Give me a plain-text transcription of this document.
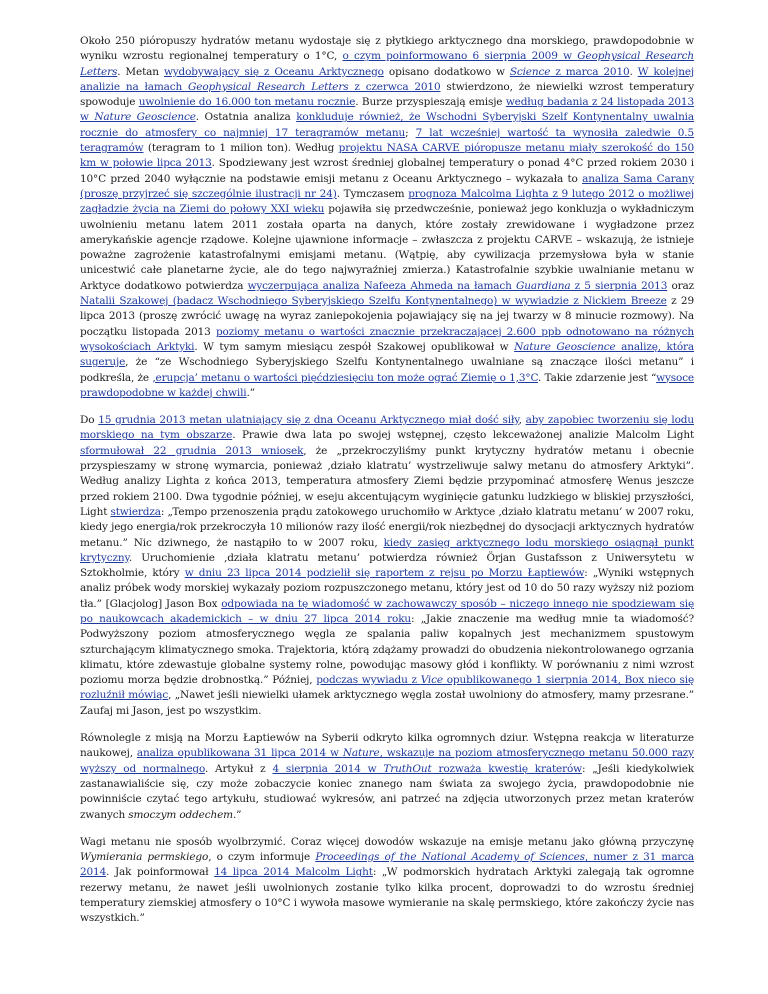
Około 250 pióropuszy hydratów metanu wydostaje się z płytkiego arktycznego dna morskiego, prawdopodobnie w wyniku wzrostu regionalnej temperatury o 1°C, o czym poinformowano 6 sierpnia 2009 w Geophysical Research Letters. Metan wydobywający się z Oceanu Arktycznego opisano dodatkowo w Science z marca 2010. W kolejnej analizie na łamach Geophysical Research Letters z czerwca 2010 stwierdzono, że niewielki wzrost temperatury spowoduje uwolnienie do 16.000 ton metanu rocznie. Burze przyspieszają emisje według badania z 24 listopada 2013 w Nature Geoscience. Ostatnia analiza konkluduje również, że Wschodni Syberyjski Szelf Kontynentalny uwalnia rocznie do atmosfery co najmniej 17 teragramów metanu; 7 lat wcześniej wartość ta wynosiła zaledwie 0.5 teragramów (teragram to 1 milion ton). Według projektu NASA CARVE pióropusze metanu miały szerokość do 150 km w połowie lipca 2013. Spodziewany jest wzrost średniej globalnej temperatury o ponad 4°C przed rokiem 2030 i 10°C przed 2040 wyłącznie na podstawie emisji metanu z Oceanu Arktycznego – wykazała to analiza Sama Carany (proszę przyjrzeć się szczególnie ilustracji nr 24). Tymczasem prognoza Malcolma Lighta z 9 lutego 2012 o możliwej zagładzie życia na Ziemi do połowy XXI wieku pojawiła się przedwcześnie, ponieważ jego konkluzja o wykładniczym uwolnieniu metanu latem 2011 została oparta na danych, które zostały zrewidowane i wygładzone przez amerykańskie agencje rządowe. Kolejne ujawnione informacje – zwłaszcza z projektu CARVE – wskazują, że istnieje poważne zagrożenie katastrofalnymi emisjami metanu. (Wątpię, aby cywilizacja przemysłowa była w stanie unicestwić całe planetarne życie, ale do tego najwyraźniej zmierza.) Katastrofalnie szybkie uwalnianie metanu w Arktyce dodatkowo potwierdza wyczerpująca analiza Nafeeza Ahmeda na łamach Guardiana z 5 sierpnia 2013 oraz Natalii Szakowej (badacz Wschodniego Syberyjskiego Szelfu Kontynentalnego) w wywiadzie z Nickiem Breeze z 29 lipca 2013 (proszę zwrócić uwagę na wyraz zaniepokojenia pojawiający się na jej twarzy w 8 minucie rozmowy). Na początku listopada 2013 poziomy metanu o wartości znacznie przekraczającej 2.600 ppb odnotowano na różnych wysokościach Arktyki. W tym samym miesiącu zespół Szakowej opublikował w Nature Geoscience analizę, która sugeruje, że “ze Wschodniego Syberyjskiego Szelfu Kontynentalnego uwalniane są znaczące ilości metanu” i podkreśla, że ‚erupcja’ metanu o wartości pięćdziesięciu ton może ograć Ziemię o 1,3°C. Takie zdarzenie jest “wysoce prawdopodobne w każdej chwili.”

Do 15 grudnia 2013 metan ulatniający się z dna Oceanu Arktycznego miał dość siły, aby zapobiec tworzeniu się lodu morskiego na tym obszarze. Prawie dwa lata po swojej wstępnej, często lekceważonej analizie Malcolm Light sformułował 22 grudnia 2013 wniosek, że „przekroczyliśmy punkt krytyczny hydratów metanu i obecnie przyspieszamy w stronę wymarcia, ponieważ ‚działo klatratu’ wystrzeliwuje salwy metanu do atmosfery Arktyki”. Według analizy Lighta z końca 2013, temperatura atmosfery Ziemi będzie przypominać atmosferę Wenus jeszcze przed rokiem 2100. Dwa tygodnie później, w eseju akcentującym wyginięcie gatunku ludzkiego w bliskiej przyszłości, Light stwierdza: „Tempo przenoszenia prądu zatokowego uruchomiło w Arktyce ‚działo klatratu metanu’ w 2007 roku, kiedy jego energia/rok przekroczyła 10 milionów razy ilość energii/rok niezbędnej do dysocjacji arktycznych hydratów metanu.” Nic dziwnego, że nastąpiło to w 2007 roku, kiedy zasięg arktycznego lodu morskiego osiągnął punkt krytyczny. Uruchomienie ‚działa klatratu metanu’ potwierdza również Örjan Gustafsson z Uniwersytetu w Sztokholmie, który w dniu 23 lipca 2014 podzielił się raportem z rejsu po Morzu Łaptiewów: „Wyniki wstępnych analiz próbek wody morskiej wykazały poziom rozpuszczonego metanu, który jest od 10 do 50 razy wyższy niż poziom tła.” [Glacjolog] Jason Box odpowiada na tę wiadomość w zachowawczy sposób – niczego innego nie spodziewam się po naukowcach akademickich – w dniu 27 lipca 2014 roku: „Jakie znaczenie ma według mnie ta wiadomość? Podwyższony poziom atmosferycznego węgla ze spalania paliw kopalnych jest mechanizmem spustowym szturchającym klimatycznego smoka. Trajektoria, którą zdążamy prowadzi do obudzenia niekontrolowanego ogrzania klimatu, które zdewastuje globalne systemy rolne, powodując masowy głód i konflikty. W porównaniu z nimi wzrost poziomu morza będzie drobnostką.” Później, podczas wywiadu z Vice opublikowanego 1 sierpnia 2014, Box nieco się rozluźnił mówiąc, „Nawet jeśli niewielki ułamek arktycznego węgla został uwolniony do atmosfery, mamy przesrane.” Zaufaj mi Jason, jest po wszystkim.

Równolegle z misją na Morzu Łaptiewów na Syberii odkryto kilka ogromnych dziur. Wstępna reakcja w literaturze naukowej, analiza opublikowana 31 lipca 2014 w Nature, wskazuje na poziom atmosferycznego metanu 50.000 razy wyższy od normalnego. Artykuł z 4 sierpnia 2014 w TruthOut rozważa kwestię kraterów: „Jeśli kiedykolwiek zastanawialiście się, czy może zobaczycie koniec znanego nam świata za swojego życia, prawdopodobnie nie powinniście czytać tego artykułu, studiować wykresów, ani patrzeć na zdjęcia utworzonych przez metan kraterów zwanych smoczym oddechem.”

Wagi metanu nie sposób wyolbrzymić. Coraz więcej dowodów wskazuje na emisje metanu jako główną przyczynę Wymierania permskiego, o czym informuje Proceedings of the National Academy of Sciences, numer z 31 marca 2014. Jak poinformował 14 lipca 2014 Malcolm Light: „W podmorskich hydratach Arktyki zalegają tak ogromne rezerwy metanu, że nawet jeśli uwolnionych zostanie tylko kilka procent, doprowadzi to do wzrostu średniej temperatury ziemskiej atmosfery o 10°C i wywoła masowe wymieranie na skalę permskiego, które zakończy życie nas wszystkich.”
